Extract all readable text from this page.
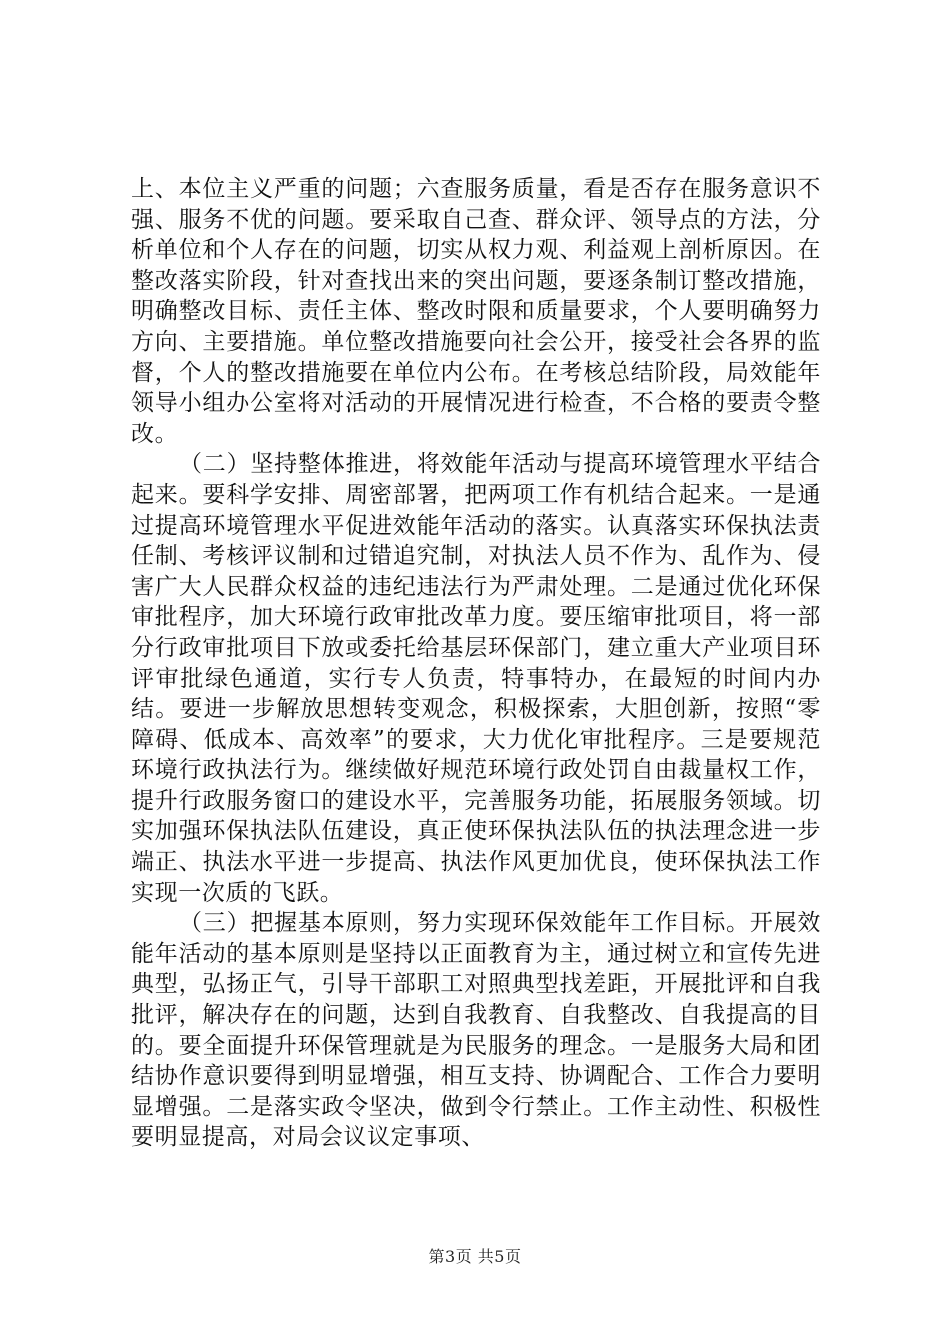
上、本位主义严重的问题；六查服务质量，看是否存在服务意识不强、服务不优的问题。要采取自己查、群众评、领导点的方法，分析单位和个人存在的问题，切实从权力观、利益观上剖析原因。在整改落实阶段，针对查找出来的突出问题，要逐条制订整改措施，明确整改目标、责任主体、整改时限和质量要求，个人要明确努力方向、主要措施。单位整改措施要向社会公开，接受社会各界的监督，个人的整改措施要在单位内公布。在考核总结阶段，局效能年领导小组办公室将对活动的开展情况进行检查，不合格的要责令整改。

（二）坚持整体推进，将效能年活动与提高环境管理水平结合起来。要科学安排、周密部署，把两项工作有机结合起来。一是通过提高环境管理水平促进效能年活动的落实。认真落实环保执法责任制、考核评议制和过错追究制，对执法人员不作为、乱作为、侵害广大人民群众权益的违纪违法行为严肃处理。二是通过优化环保审批程序，加大环境行政审批改革力度。要压缩审批项目，将一部分行政审批项目下放或委托给基层环保部门，建立重大产业项目环评审批绿色通道，实行专人负责，特事特办，在最短的时间内办结。要进一步解放思想转变观念，积极探索，大胆创新，按照“零障碍、低成本、高效率”的要求，大力优化审批程序。三是要规范环境行政执法行为。继续做好规范环境行政处罚自由裁量权工作，提升行政服务窗口的建设水平，完善服务功能，拓展服务领域。切实加强环保执法队伍建设，真正使环保执法队伍的执法理念进一步端正、执法水平进一步提高、执法作风更加优良，使环保执法工作实现一次质的飞跃。

（三）把握基本原则，努力实现环保效能年工作目标。开展效能年活动的基本原则是坚持以正面教育为主，通过树立和宣传先进典型，弘扬正气，引导干部职工对照典型找差距，开展批评和自我批评，解决存在的问题，达到自我教育、自我整改、自我提高的目的。要全面提升环保管理就是为民服务的理念。一是服务大局和团结协作意识要得到明显增强，相互支持、协调配合、工作合力要明显增强。二是落实政令坚决，做到令行禁止。工作主动性、积极性要明显提高，对局会议议定事项、

第3页 共5页
